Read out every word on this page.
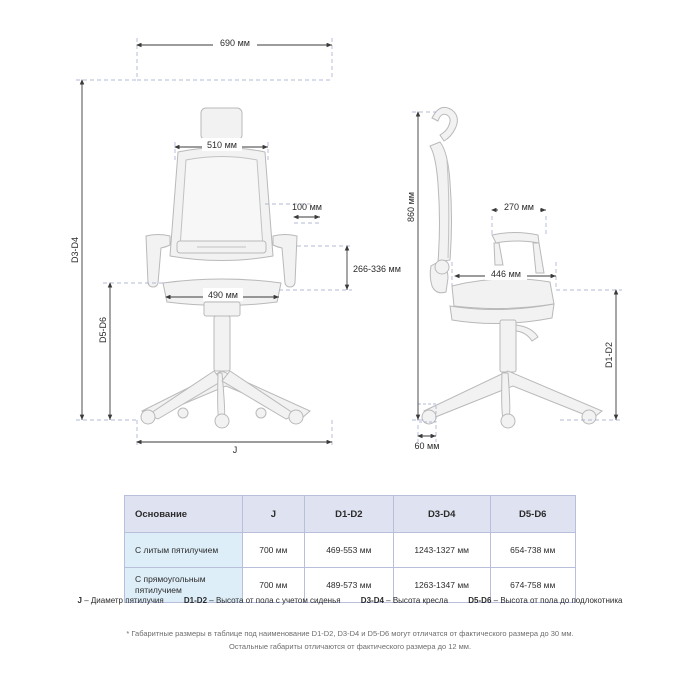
690 мм
510 мм
100 мм
490 мм
266-336 мм
D3-D4
D5-D6
J
860 мм	270 мм
446 мм
D1-D2
60 мм
Основание	J	D1-D2	D3-D4	D5-D6
С литым пятилучием	700 мм	469-553 мм	1243-1327 мм	654-738 мм
С прямоугольным пятилучием	700 мм	489-573 мм	1263-1347 мм	674-758 мм
J – Диаметр пятилучия	D1-D2 – Высота от пола с учетом сиденья	D3-D4 – Высота кресла	D5-D6 – Высота от пола до подлокотника
* Габаритные размеры в таблице под наименование D1-D2, D3-D4 и D5-D6 могут отличатся от фактического размера до 30 мм.
Остальные габариты отличаются от фактического размера до 12 мм.
